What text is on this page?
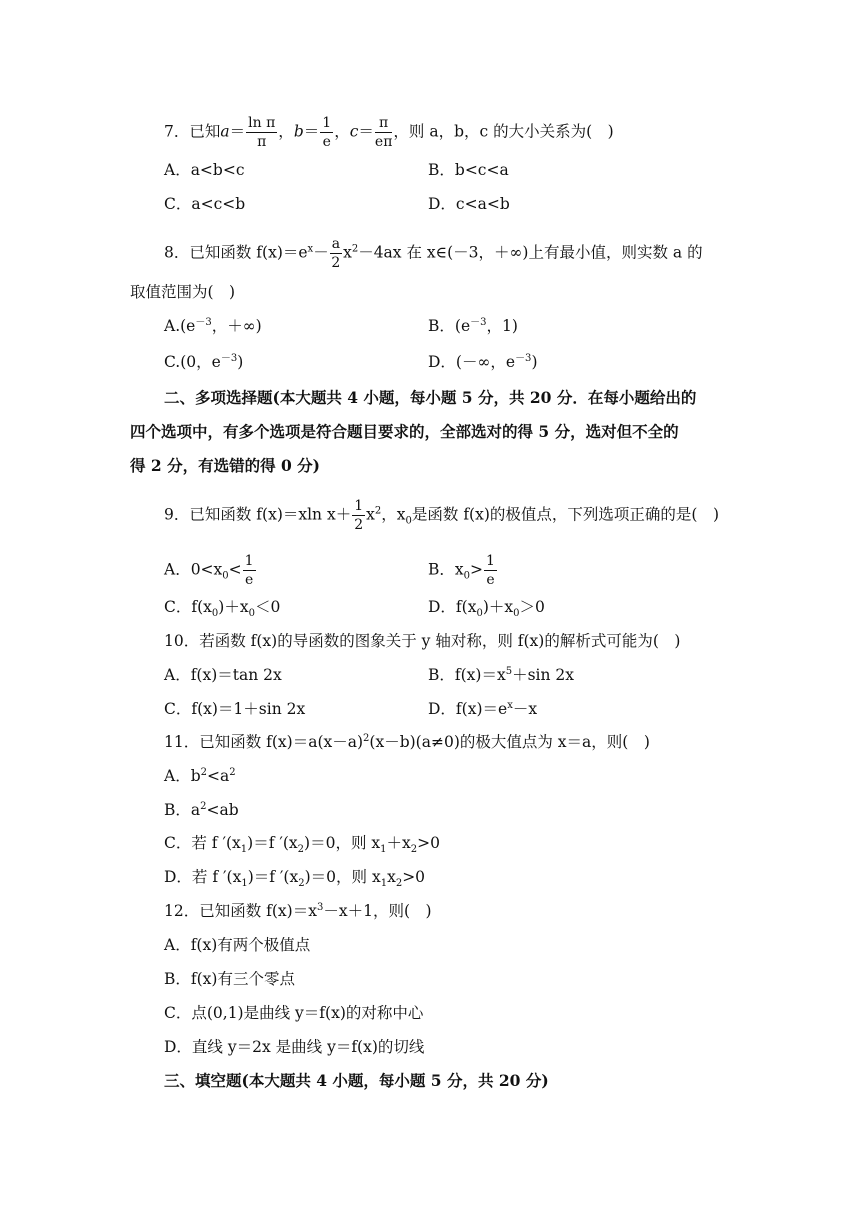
7．已知$a= \frac{\text{ln π}}{\pi}$ ，$b= \frac{1}{e}$ ，$c= \frac{\pi}{e\pi}$ ，则 a，b，c 的大小关系为(　)
A．a<b<c	B．b<c<a
C．a<c<b	D．c<a<b
8．已知函数 $f(x)=e^x- \frac{a}{2} x^2-4ax$ 在 x∈(－3，＋∞)上有最小值，则实数 a 的
取值范围为(　)
$A.(e^{-3}$，＋∞)	B．($e^{-3}$，1)
C.(0，$e^{-3}$)	D．(－∞，$e^{-3}$)
二、多项选择题(本大题共 4 小题，每小题 5 分，共 20 分．在每小题给出的
四个选项中，有多个选项是符合题目要求的，全部选对的得 5 分，选对但不全的
得 2 分，有选错的得 0 分)
9．已知函数 f(x)＝xln $x+ \frac{1}{2} x^2$，$x_0$是函数 f(x)的极值点，下列选项正确的是(　)
A．$0<x_0< \frac{1}{e}$	B．$x_0> \frac{1}{e}$
C．$f(x_0)+x_0<0$	D．$f(x_0)+x_0>0$
10．若函数 f(x)的导函数的图象关于 y 轴对称，则 f(x)的解析式可能为(　)
A．f(x)＝tan 2x	B．$f(x)=x^5+\sin$ 2x
C．f(x)＝1＋sin 2x	D．$f(x)=e^x-x$
11．已知函数 $f(x)=a(x-a)^2(x-b)(a\ne 0)$的极大值点为 x＝a，则(　)
A．$b^2<a^2$
B．$a^2<ab$
C．若 f $'(x_1)=f$ $'(x_2)=0$，则 $x_1+x_2>0$
D．若 f $'(x_1)=f$ $'(x_2)=0$，则 $x_1x_2>0$
12．已知函数 $f(x)=x^3-x+1$，则(　)
A．f(x)有两个极值点
B．f(x)有三个零点
C．点(0,1)是曲线 y＝f(x)的对称中心
D．直线 y＝2x 是曲线 y＝f(x)的切线
三、填空题(本大题共 4 小题，每小题 5 分，共 20 分)
